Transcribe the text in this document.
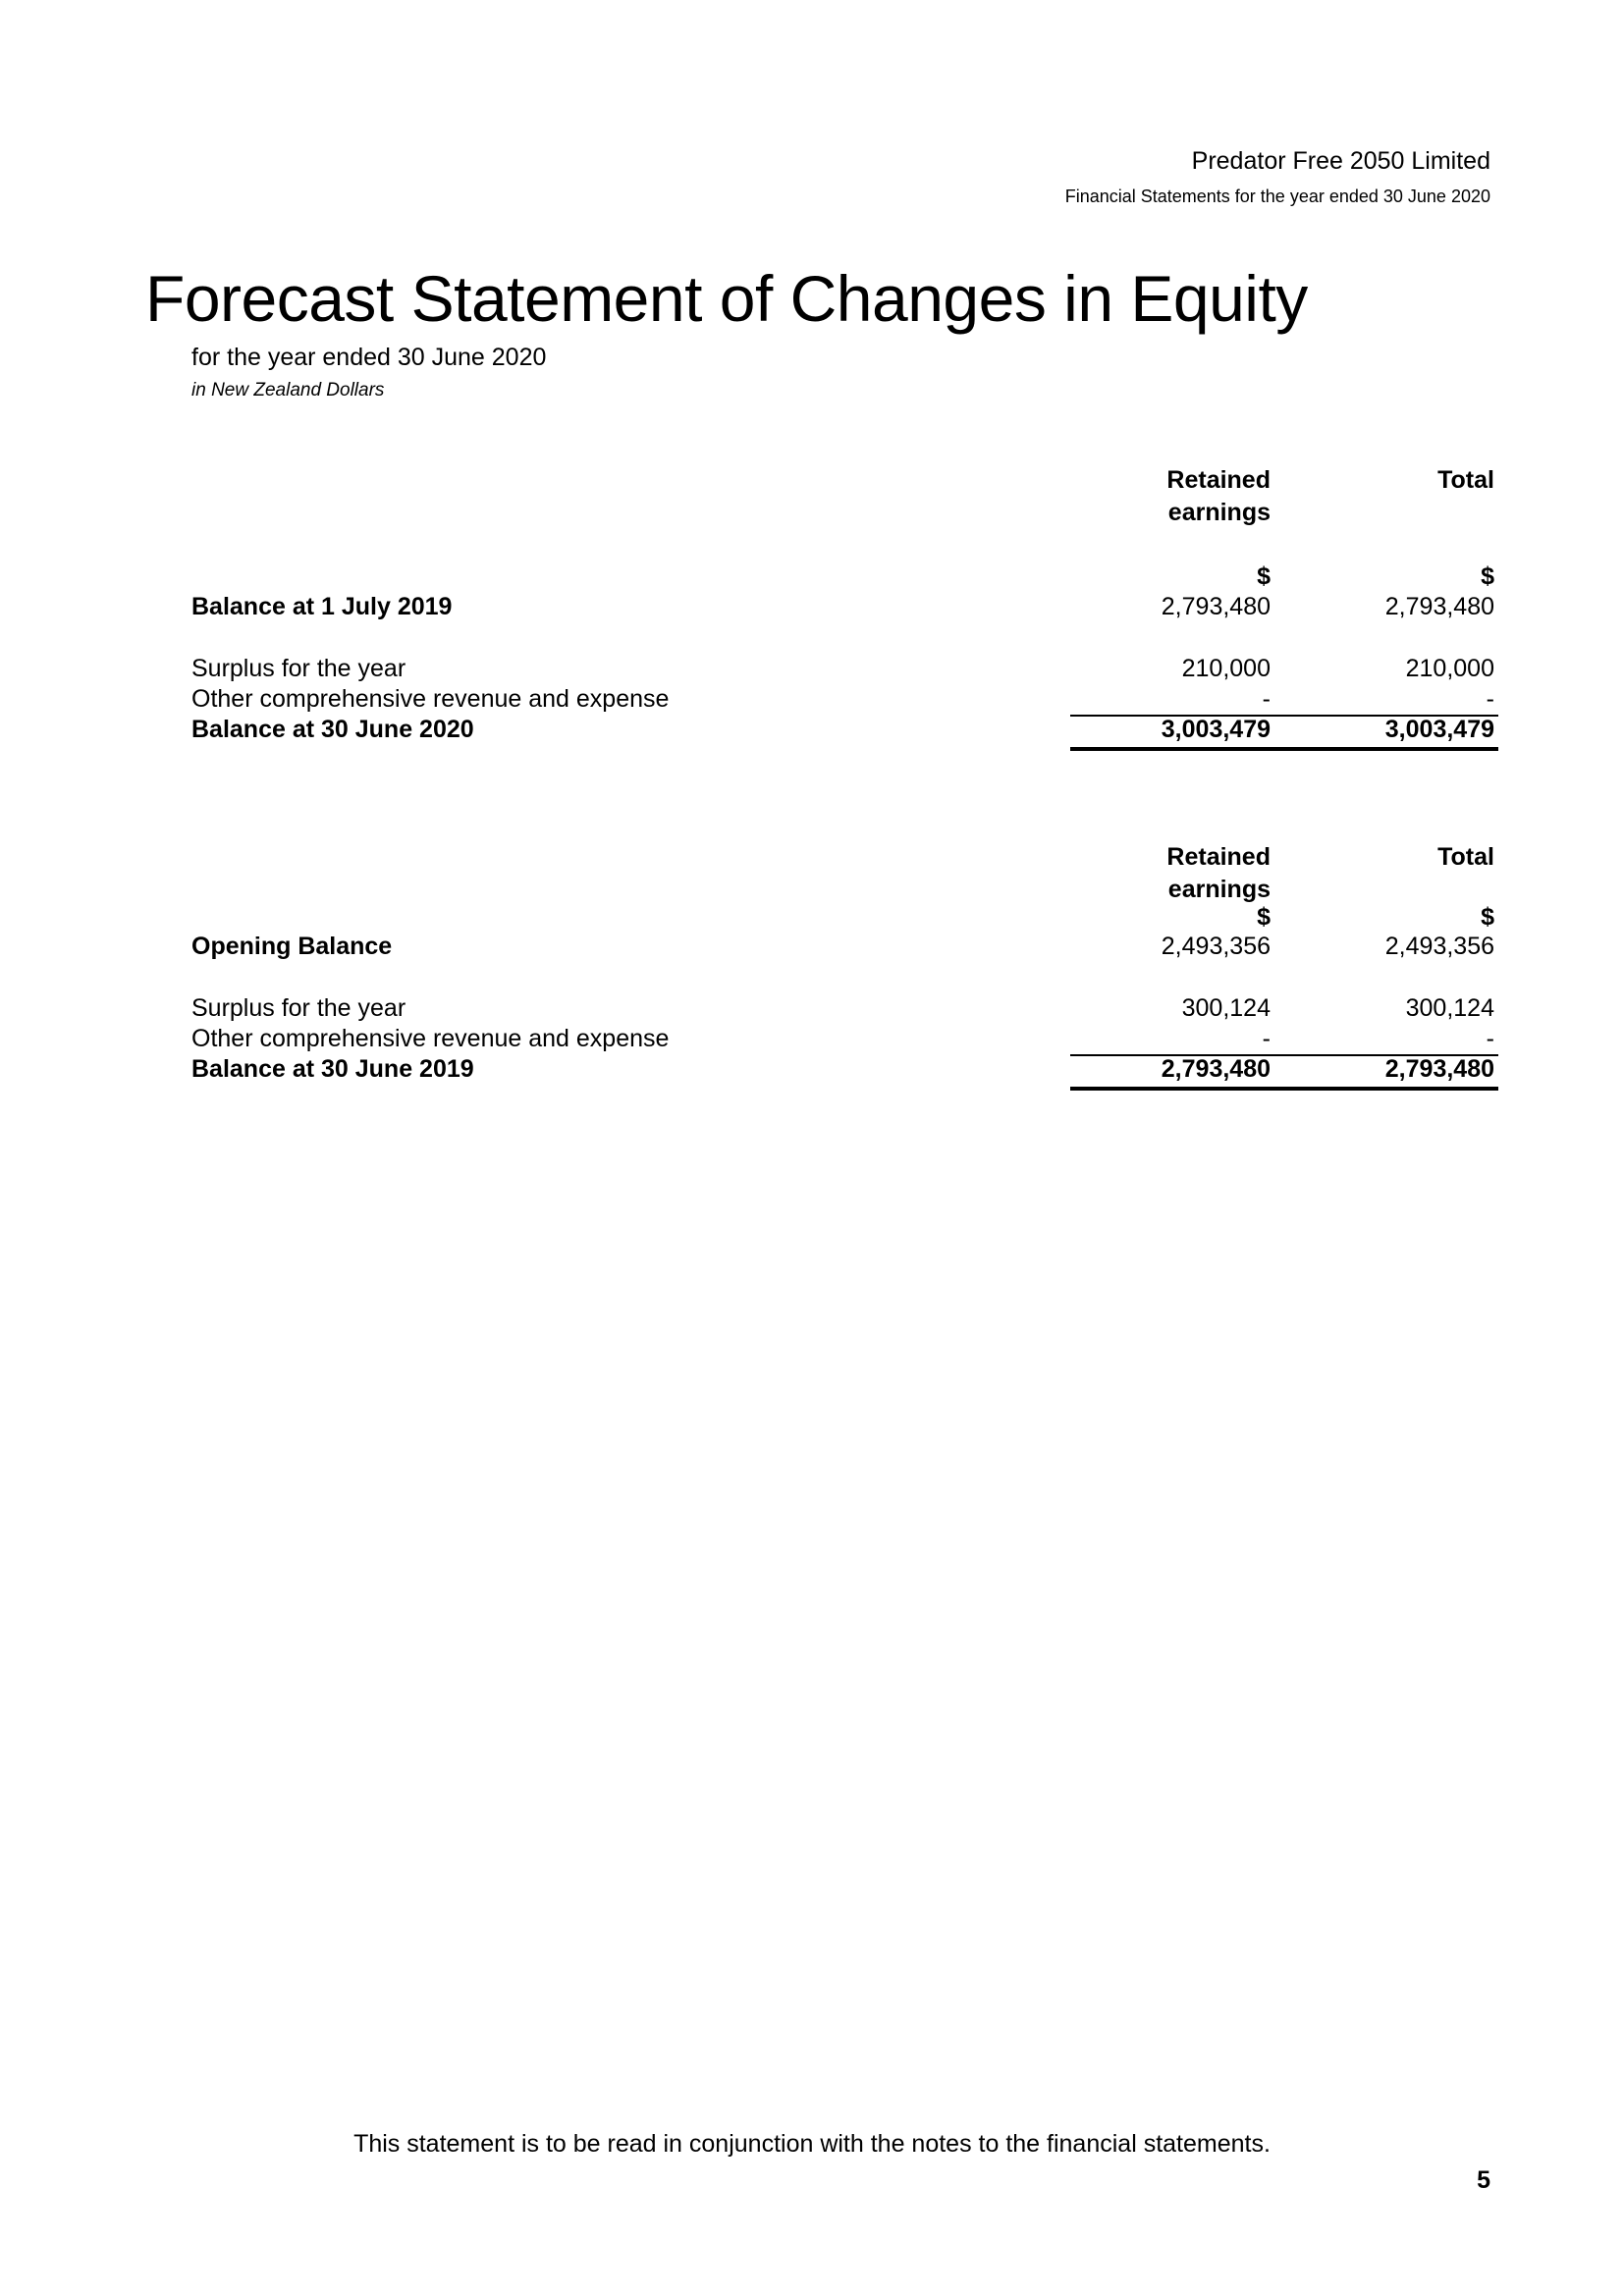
Predator Free 2050 Limited
Financial Statements for the year ended 30 June 2020
Forecast Statement of Changes in Equity
for the year ended 30 June 2020
in New Zealand Dollars
Retained
earnings
Total
$	$
Balance at 1 July 2019	2,793,480	2,793,480
Surplus for the year	210,000	210,000
Other comprehensive revenue and expense	-	-
Balance at 30 June 2020	3,003,479	3,003,479
Retained
earnings
Total
$	$
Opening Balance	2,493,356	2,493,356
Surplus for the year	300,124	300,124
Other comprehensive revenue and expense	-	-
Balance at 30 June 2019	2,793,480	2,793,480
This statement is to be read in conjunction with the notes to the financial statements.
5
